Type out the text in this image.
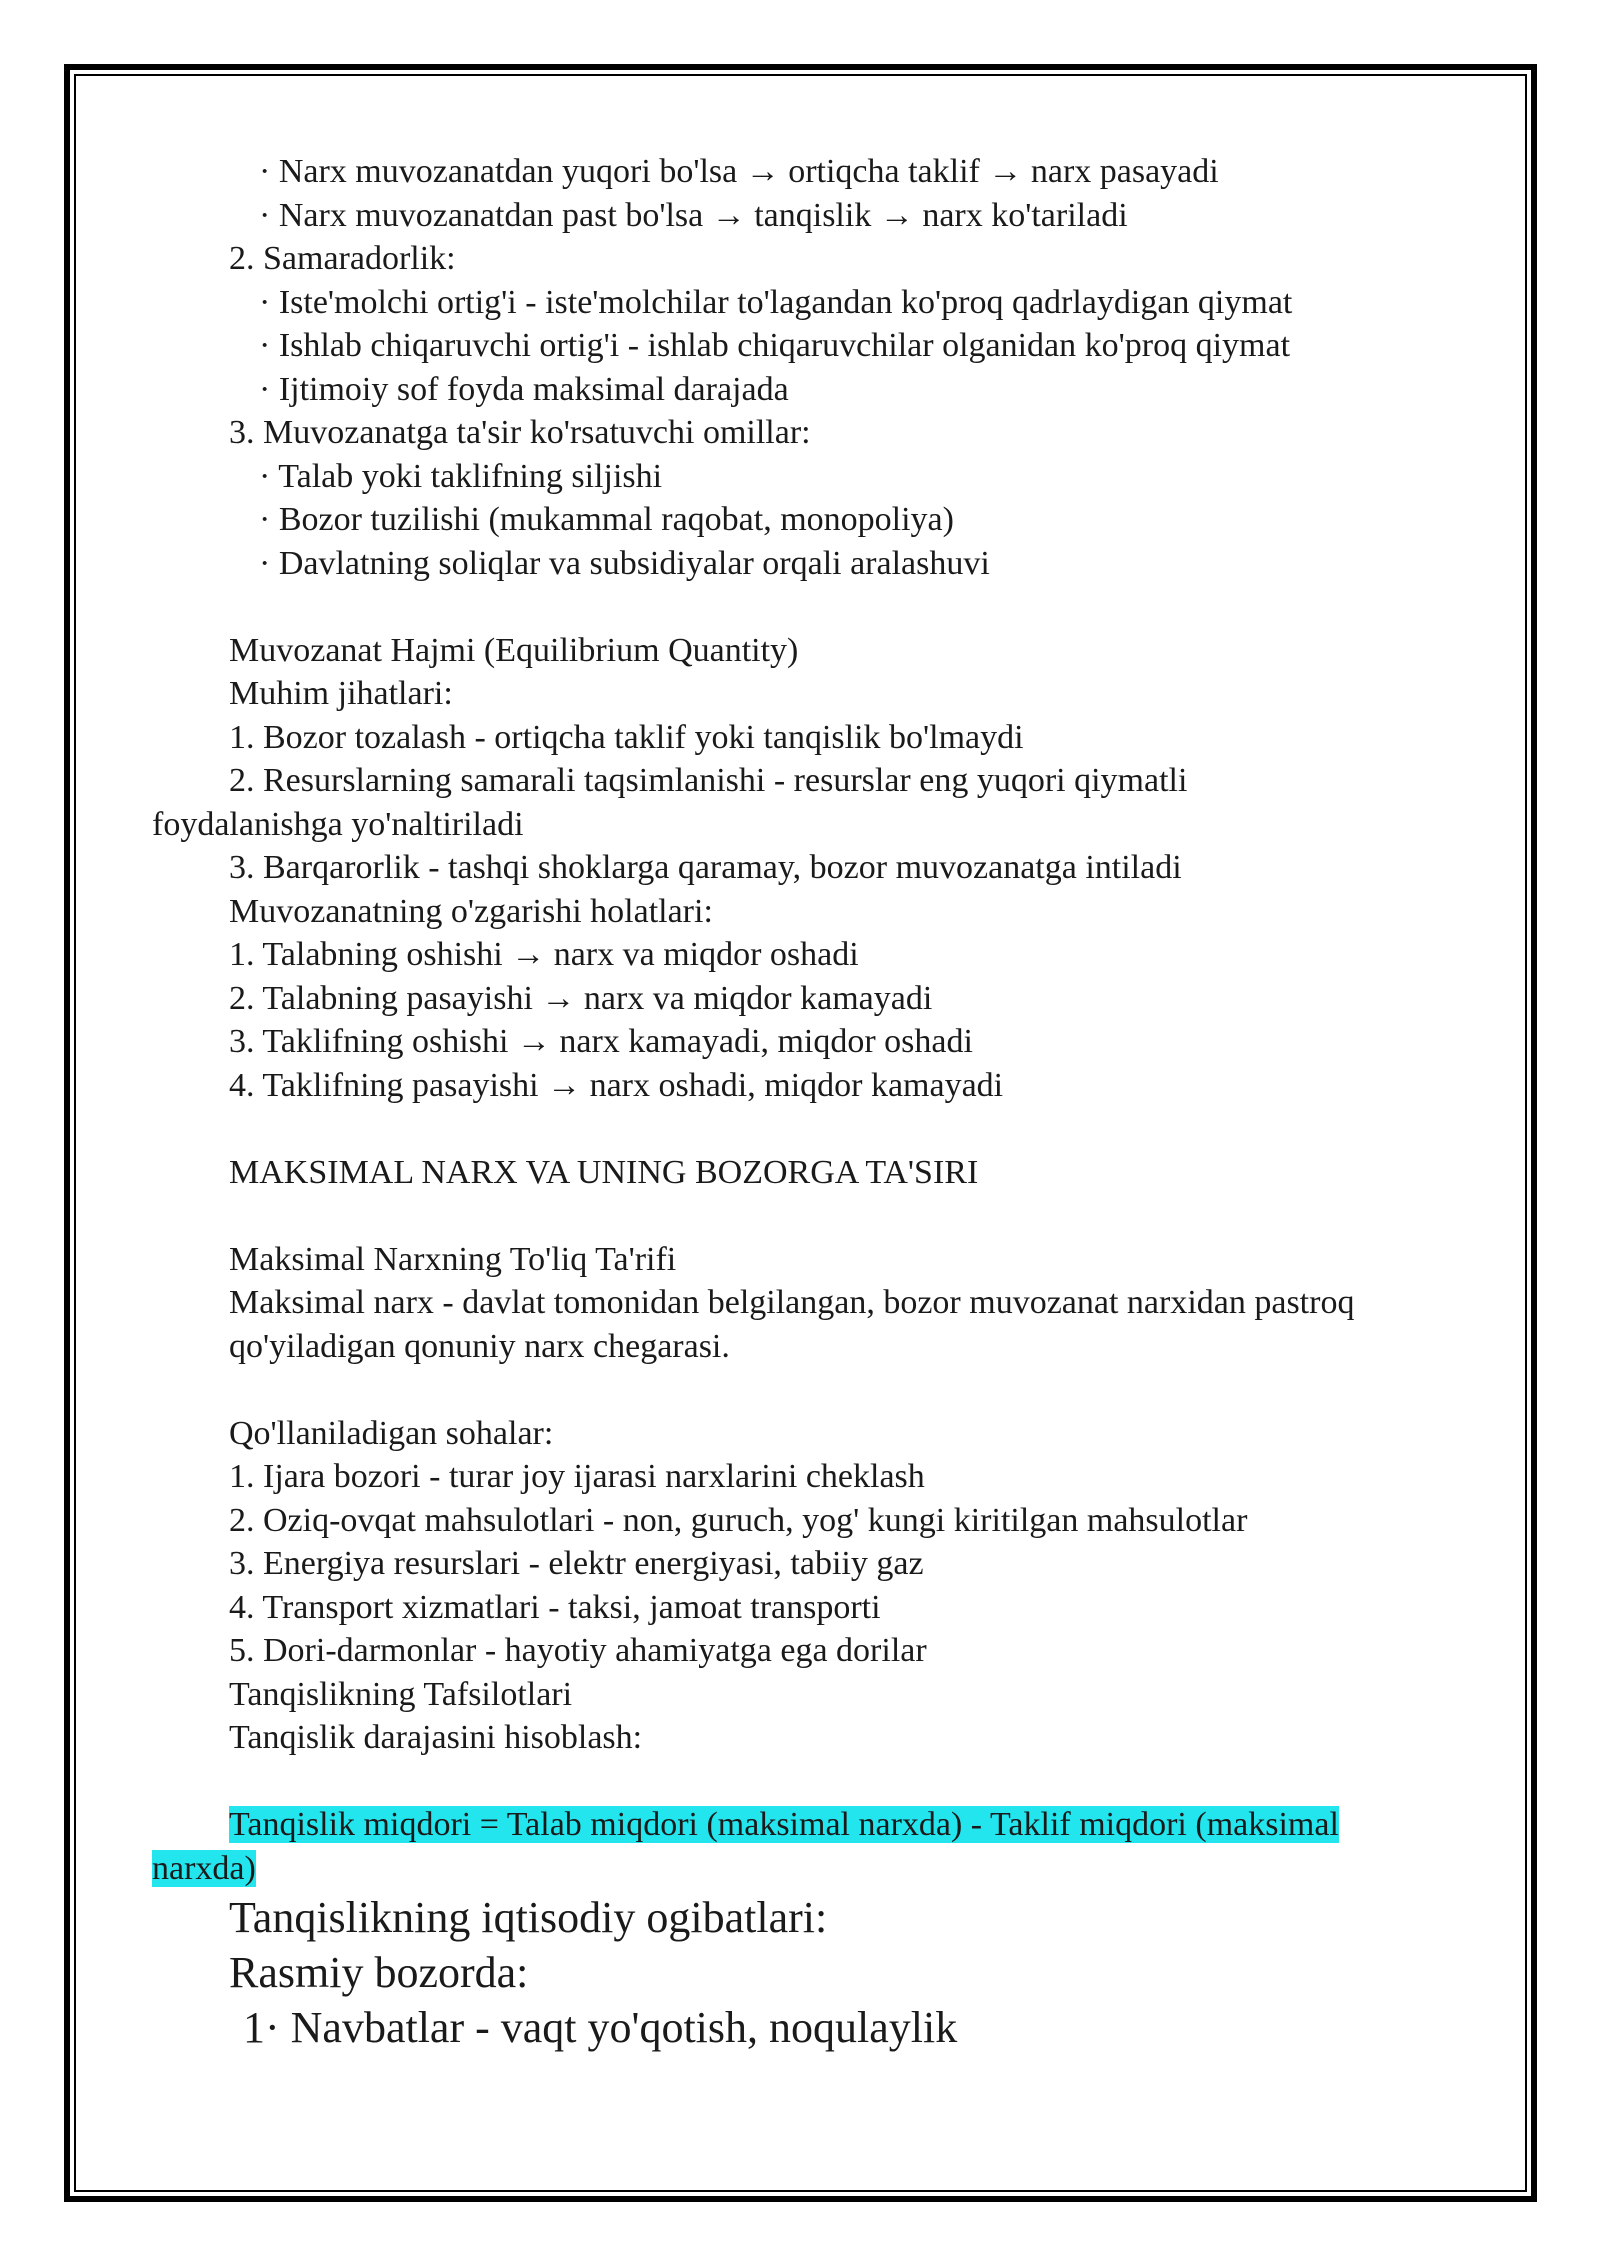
· Narx muvozanatdan yuqori bo'lsa → ortiqcha taklif → narx pasayadi
· Narx muvozanatdan past bo'lsa → tanqislik → narx ko'tariladi
2. Samaradorlik:
· Iste'molchi ortig'i - iste'molchilar to'lagandan ko'proq qadrlaydigan qiymat
· Ishlab chiqaruvchi ortig'i - ishlab chiqaruvchilar olganidan ko'proq qiymat
· Ijtimoiy sof foyda maksimal darajada
3. Muvozanatga ta'sir ko'rsatuvchi omillar:
· Talab yoki taklifning siljishi
· Bozor tuzilishi (mukammal raqobat, monopoliya)
· Davlatning soliqlar va subsidiyalar orqali aralashuvi
Muvozanat Hajmi (Equilibrium Quantity)
Muhim jihatlari:
1. Bozor tozalash - ortiqcha taklif yoki tanqislik bo'lmaydi
2. Resurslarning samarali taqsimlanishi - resurslar eng yuqori qiymatli
foydalanishga yo'naltiriladi
3. Barqarorlik - tashqi shoklarga qaramay, bozor muvozanatga intiladi
Muvozanatning o'zgarishi holatlari:
1. Talabning oshishi → narx va miqdor oshadi
2. Talabning pasayishi → narx va miqdor kamayadi
3. Taklifning oshishi → narx kamayadi, miqdor oshadi
4. Taklifning pasayishi → narx oshadi, miqdor kamayadi
MAKSIMAL NARX VA UNING BOZORGA TA'SIRI
Maksimal Narxning To'liq Ta'rifi
Maksimal narx - davlat tomonidan belgilangan, bozor muvozanat narxidan pastroq
qo'yiladigan qonuniy narx chegarasi.
Qo'llaniladigan sohalar:
1. Ijara bozori - turar joy ijarasi narxlarini cheklash
2. Oziq-ovqat mahsulotlari - non, guruch, yog' kungi kiritilgan mahsulotlar
3. Energiya resurslari - elektr energiyasi, tabiiy gaz
4. Transport xizmatlari - taksi, jamoat transporti
5. Dori-darmonlar - hayotiy ahamiyatga ega dorilar
Tanqislikning Tafsilotlari
Tanqislik darajasini hisoblash:
Tanqislik miqdori = Talab miqdori (maksimal narxda) - Taklif miqdori (maksimal
narxda)
Tanqislikning iqtisodiy ogibatlari:
Rasmiy bozorda:
1· Navbatlar - vaqt yo'qotish, noqulaylik
